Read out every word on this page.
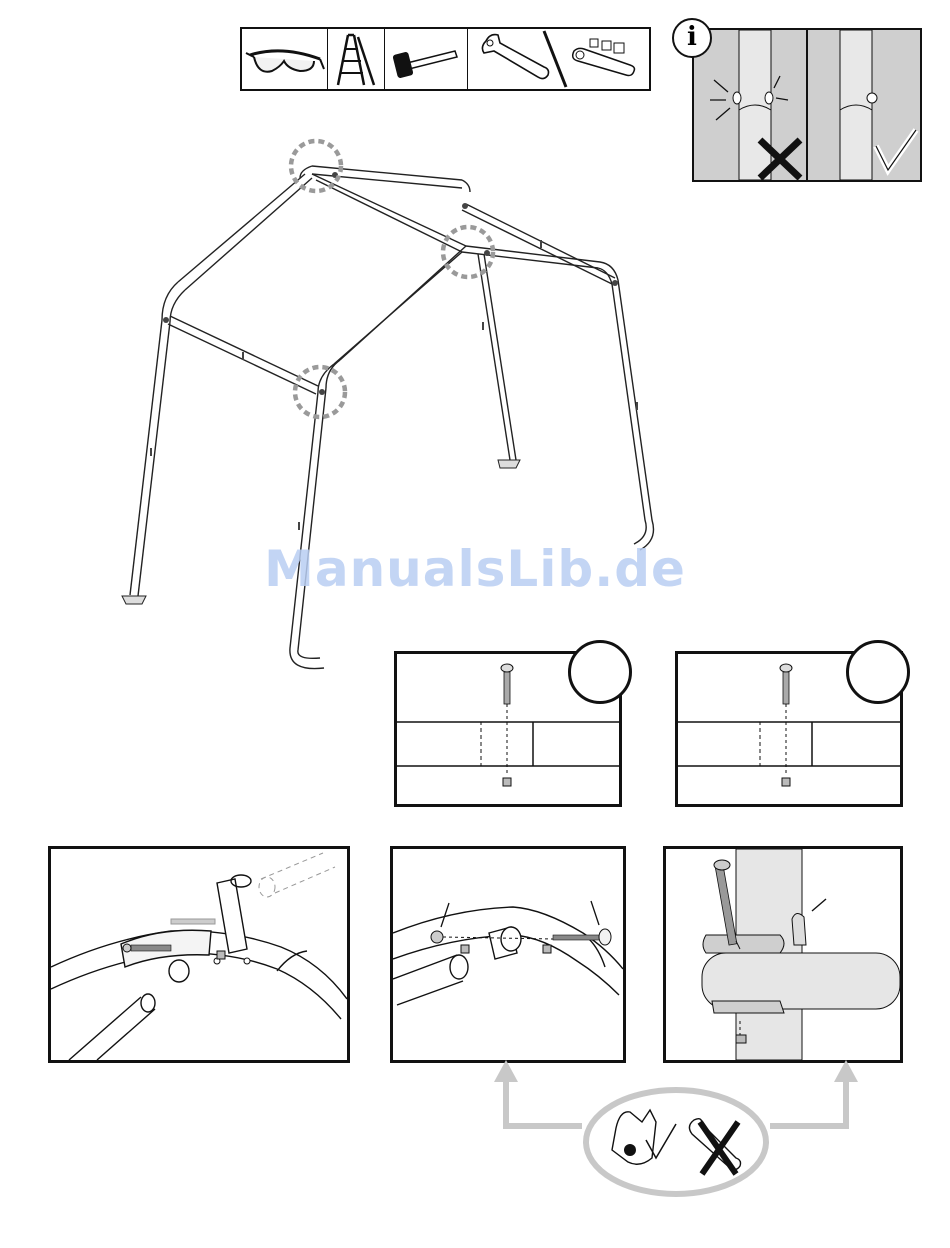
i
ManualsLib.de
